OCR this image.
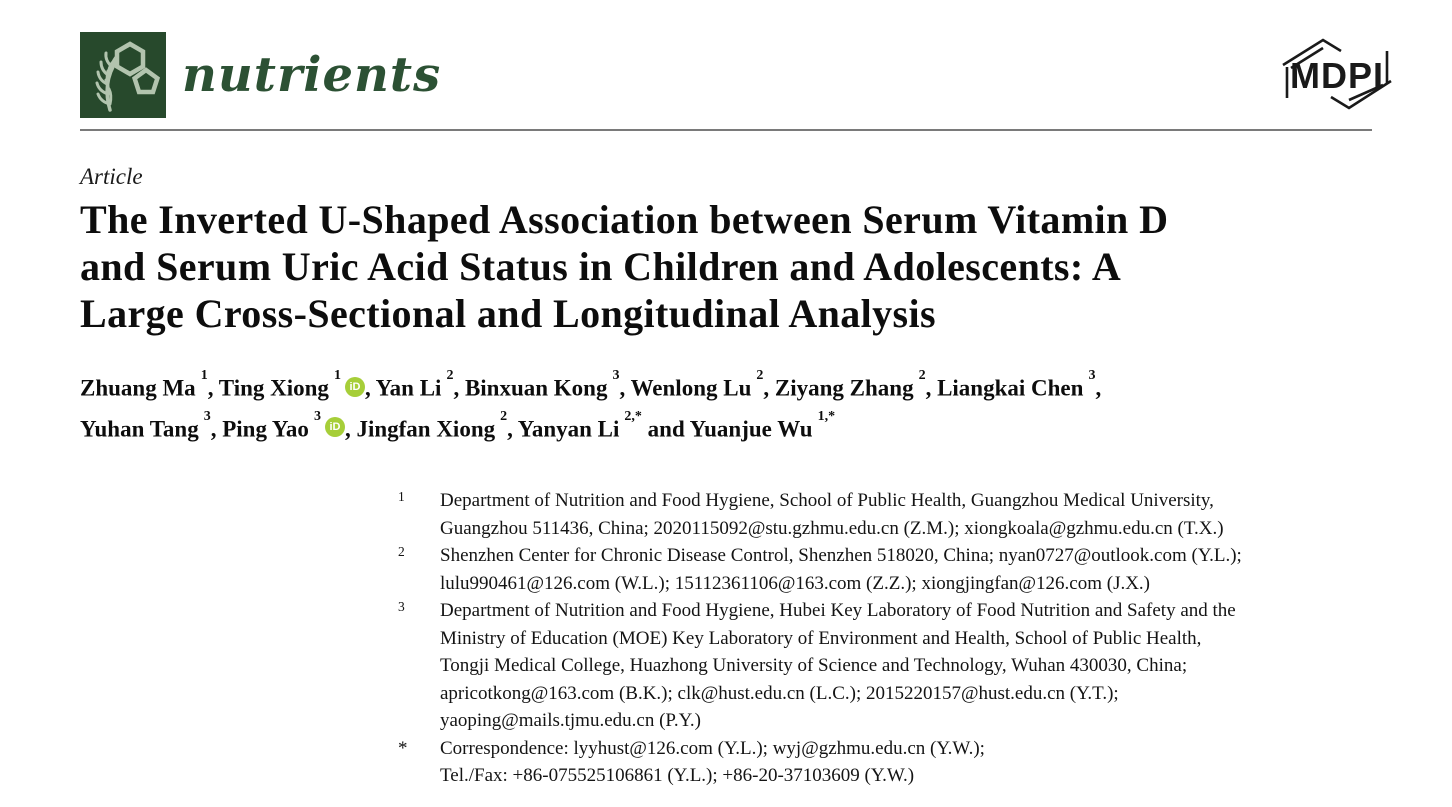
nutrients	MDPI
Article
The Inverted U-Shaped Association between Serum Vitamin D
and Serum Uric Acid Status in Children and Adolescents: A
Large Cross-Sectional and Longitudinal Analysis
Zhuang Ma$^1$, Ting Xiong$^1$iD , Yan Li$^2$, Binxuan Kong$^3$, Wenlong Lu$^2$, Ziyang Zhang$^2$, Liangkai Chen$^3$,
Yuhan Tang$^3$, Ping Yao$^3$iD , Jingfan Xiong$^2$, Yanyan $Li^{2,*}$ and Yuanjue $Wu^{1,*}$
$^1$	Department of Nutrition and Food Hygiene, School of Public Health, Guangzhou Medical University,
Guangzhou 511436, China; 2020115092@stu.gzhmu.edu.cn (Z.M.); xiongkoala@gzhmu.edu.cn (T.X.)
$^2$	Shenzhen Center for Chronic Disease Control, Shenzhen 518020, China; nyan0727@outlook.com (Y.L.);
lulu990461@126.com (W.L.); 15112361106@163.com (Z.Z.); xiongjingfan@126.com (J.X.)
$^3$	Department of Nutrition and Food Hygiene, Hubei Key Laboratory of Food Nutrition and Safety and the
Ministry of Education (MOE) Key Laboratory of Environment and Health, School of Public Health,
Tongji Medical College, Huazhong University of Science and Technology, Wuhan 430030, China;
apricotkong@163.com (B.K.); clk@hust.edu.cn (L.C.); 2015220157@hust.edu.cn (Y.T.);
yaoping@mails.tjmu.edu.cn (P.Y.)
*	Correspondence: lyyhust@126.com (Y.L.); wyj@gzhmu.edu.cn (Y.W.);
Tel./Fax: +86-075525106861 (Y.L.); +86-20-37103609 (Y.W.)
